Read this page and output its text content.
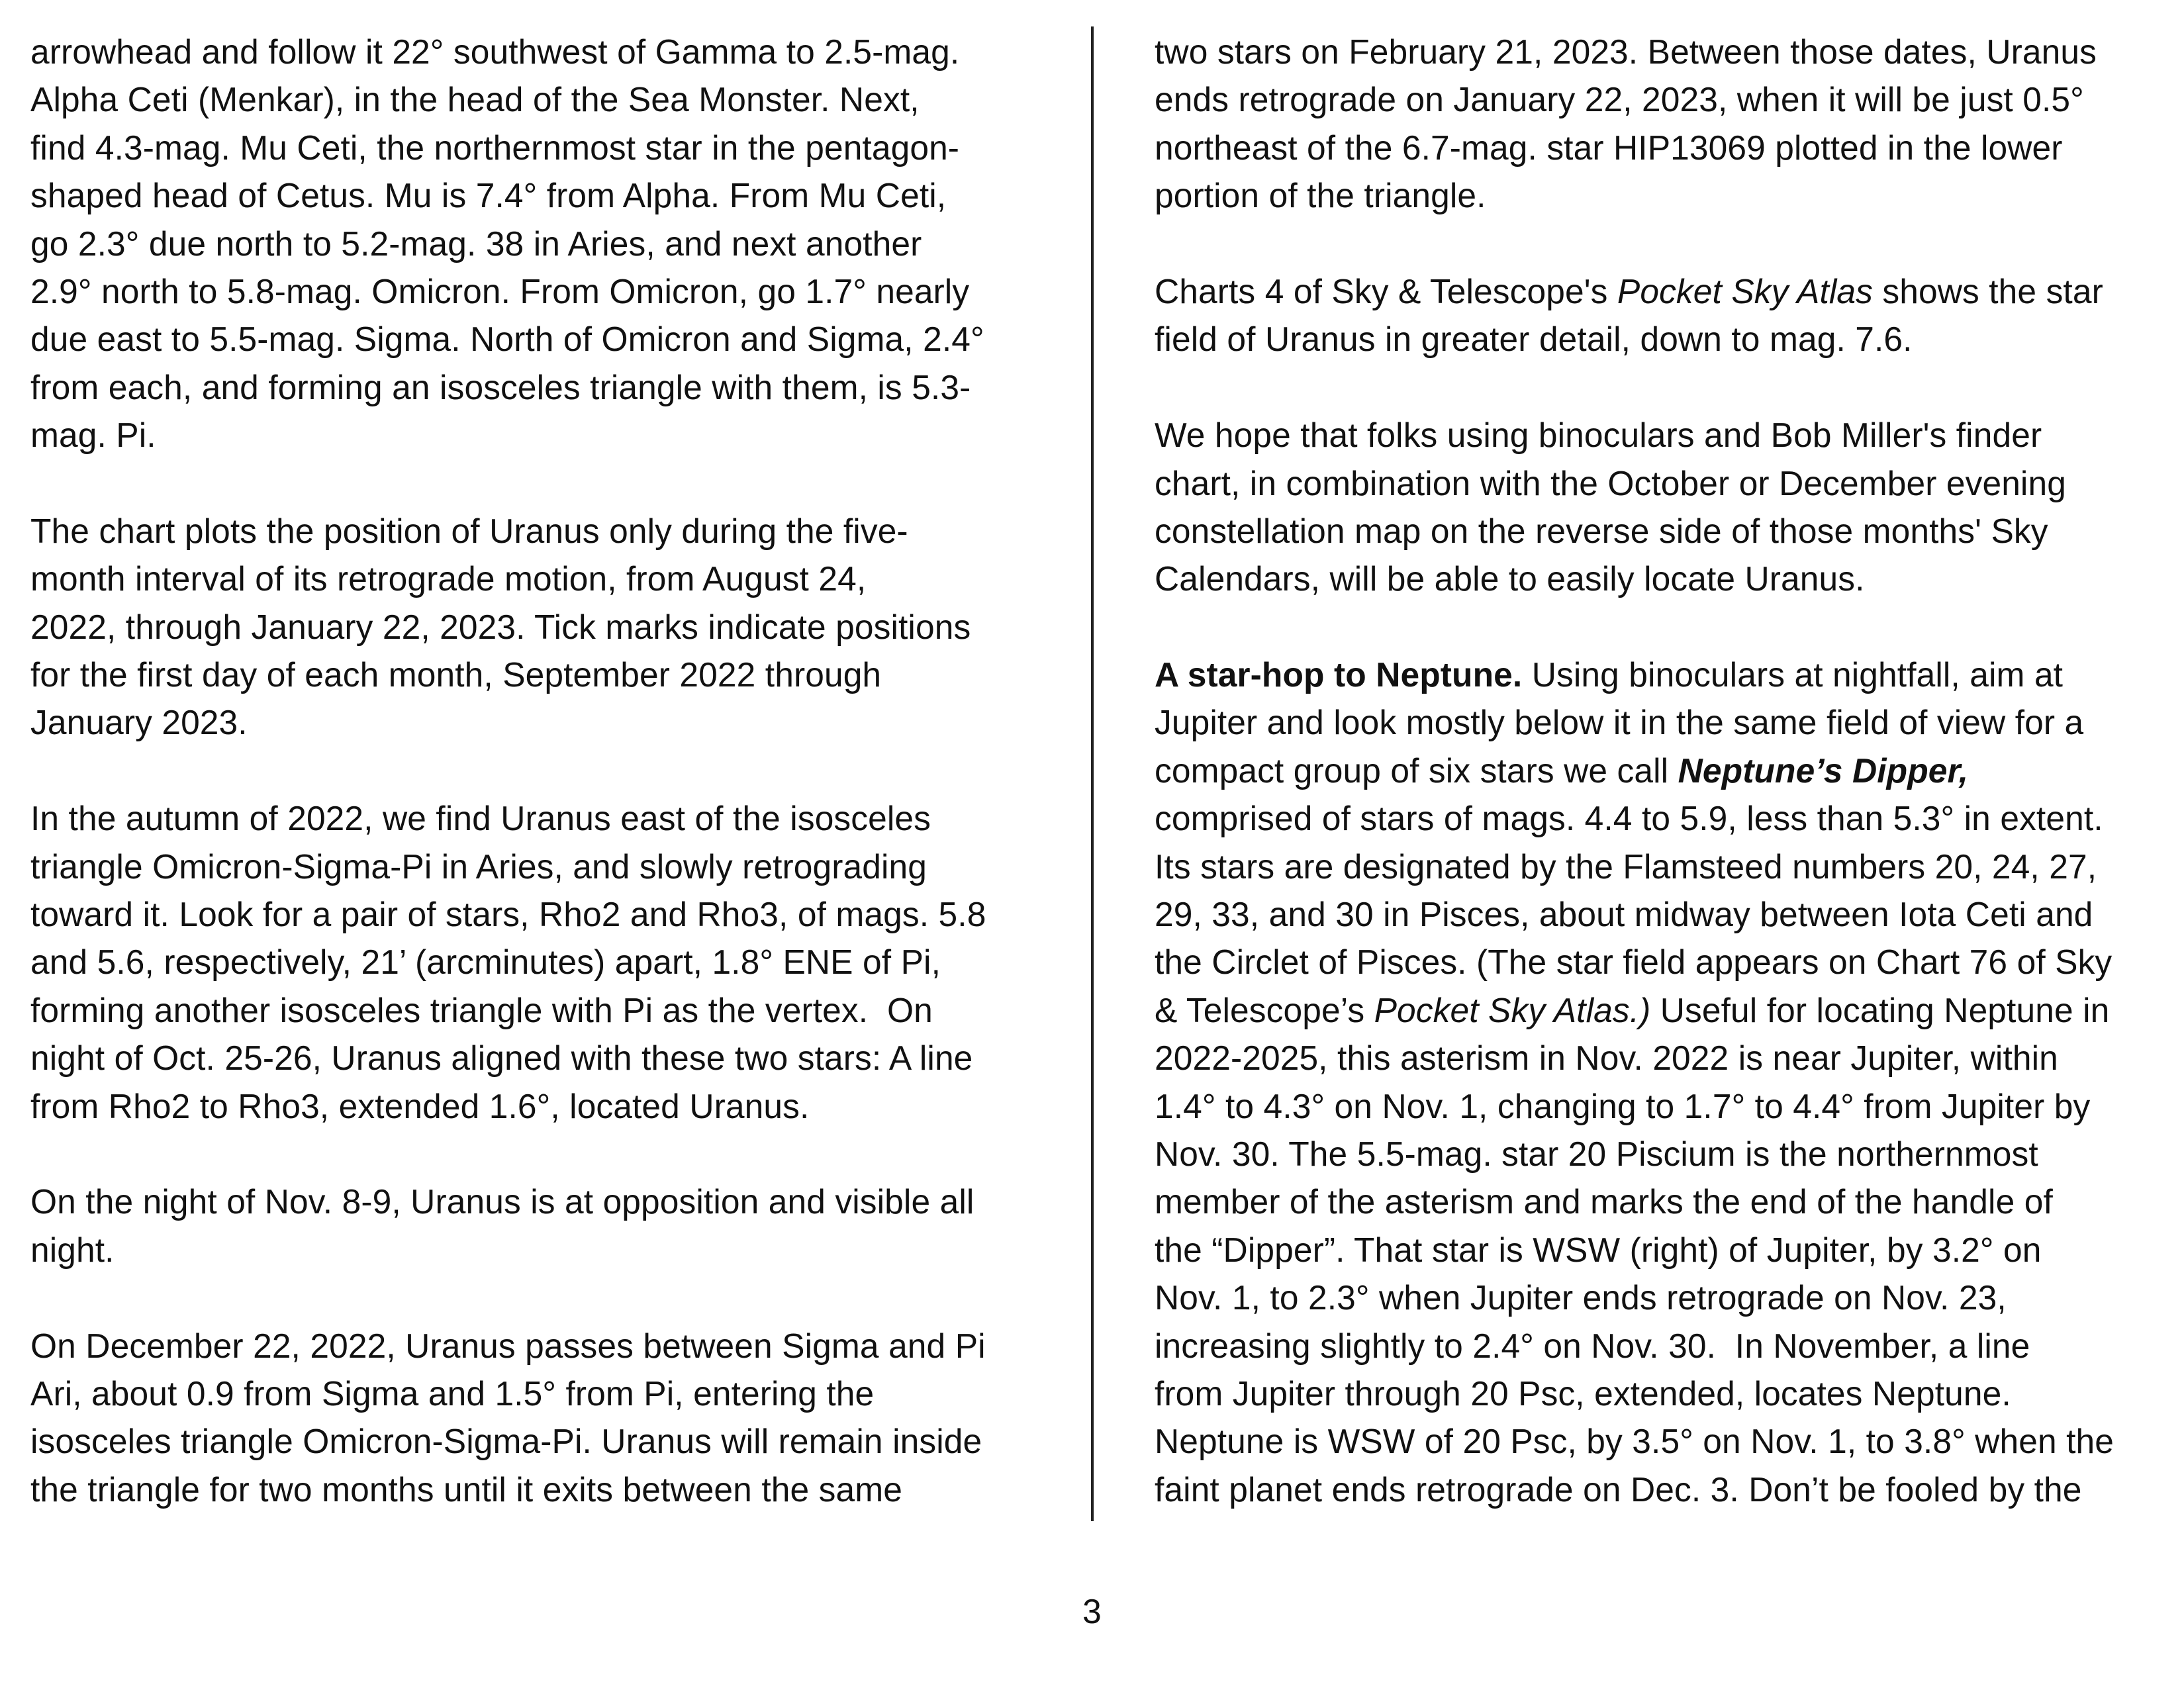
arrowhead and follow it 22° southwest of Gamma to 2.5-mag.
Alpha Ceti (Menkar), in the head of the Sea Monster. Next,
find 4.3-mag. Mu Ceti, the northernmost star in the pentagon-
shaped head of Cetus. Mu is 7.4° from Alpha. From Mu Ceti,
go 2.3° due north to 5.2-mag. 38 in Aries, and next another
2.9° north to 5.8-mag. Omicron. From Omicron, go 1.7° nearly
due east to 5.5-mag. Sigma. North of Omicron and Sigma, 2.4°
from each, and forming an isosceles triangle with them, is 5.3-
mag. Pi.
The chart plots the position of Uranus only during the five-
month interval of its retrograde motion, from August 24,
2022, through January 22, 2023. Tick marks indicate positions
for the first day of each month, September 2022 through
January 2023.
In the autumn of 2022, we find Uranus east of the isosceles
triangle Omicron-Sigma-Pi in Aries, and slowly retrograding
toward it. Look for a pair of stars, Rho2 and Rho3, of mags. 5.8
and 5.6, respectively, 21’ (arcminutes) apart, 1.8° ENE of Pi,
forming another isosceles triangle with Pi as the vertex.  On
night of Oct. 25-26, Uranus aligned with these two stars: A line
from Rho2 to Rho3, extended 1.6°, located Uranus.
On the night of Nov. 8-9, Uranus is at opposition and visible all
night.
On December 22, 2022, Uranus passes between Sigma and Pi
Ari, about 0.9 from Sigma and 1.5° from Pi, entering the
isosceles triangle Omicron-Sigma-Pi. Uranus will remain inside
the triangle for two months until it exits between the same
two stars on February 21, 2023. Between those dates, Uranus
ends retrograde on January 22, 2023, when it will be just 0.5°
northeast of the 6.7-mag. star HIP13069 plotted in the lower
portion of the triangle.
Charts 4 of Sky & Telescope's Pocket Sky Atlas shows the star
field of Uranus in greater detail, down to mag. 7.6.
We hope that folks using binoculars and Bob Miller's finder
chart, in combination with the October or December evening
constellation map on the reverse side of those months' Sky
Calendars, will be able to easily locate Uranus.
A star-hop to Neptune. Using binoculars at nightfall, aim at
Jupiter and look mostly below it in the same field of view for a
compact group of six stars we call Neptune’s Dipper,
comprised of stars of mags. 4.4 to 5.9, less than 5.3° in extent.
Its stars are designated by the Flamsteed numbers 20, 24, 27,
29, 33, and 30 in Pisces, about midway between Iota Ceti and
the Circlet of Pisces. (The star field appears on Chart 76 of Sky
& Telescope’s Pocket Sky Atlas.) Useful for locating Neptune in
2022-2025, this asterism in Nov. 2022 is near Jupiter, within
1.4° to 4.3° on Nov. 1, changing to 1.7° to 4.4° from Jupiter by
Nov. 30. The 5.5-mag. star 20 Piscium is the northernmost
member of the asterism and marks the end of the handle of
the “Dipper”. That star is WSW (right) of Jupiter, by 3.2° on
Nov. 1, to 2.3° when Jupiter ends retrograde on Nov. 23,
increasing slightly to 2.4° on Nov. 30.  In November, a line
from Jupiter through 20 Psc, extended, locates Neptune.
Neptune is WSW of 20 Psc, by 3.5° on Nov. 1, to 3.8° when the
faint planet ends retrograde on Dec. 3. Don’t be fooled by the
3
